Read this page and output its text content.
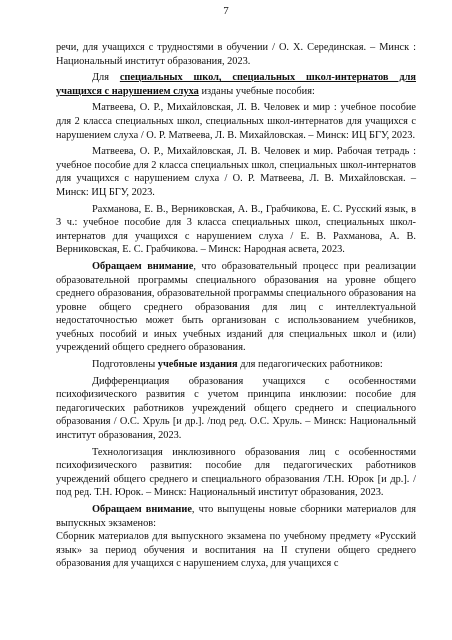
7

речи, для учащихся с трудностями в обучении / О. Х. Серединская. – Минск : Национальный институт образования, 2023.

Для специальных школ, специальных школ-интернатов для учащихся с нарушением слуха изданы учебные пособия:

Матвеева, О. Р., Михайловская, Л. В. Человек и мир : учебное пособие для 2 класса специальных школ, специальных школ-интернатов для учащихся с нарушением слуха / О. Р. Матвеева, Л. В. Михайловская. – Минск: ИЦ БГУ, 2023.

Матвеева, О. Р., Михайловская, Л. В. Человек и мир. Рабочая тетрадь : учебное пособие для 2 класса специальных школ, специальных школ-интернатов для учащихся с нарушением слуха / О. Р. Матвеева, Л. В. Михайловская. – Минск: ИЦ БГУ, 2023.

Рахманова, Е. В., Верниковская, А. В., Грабчикова, Е. С. Русский язык, в 3 ч.: учебное пособие для 3 класса специальных школ, специальных школ-интернатов для учащихся с нарушением слуха / Е. В. Рахманова, А. В. Верниковская, Е. С. Грабчикова. – Минск: Народная асвета, 2023.

Обращаем внимание, что образовательный процесс при реализации образовательной программы специального образования на уровне общего среднего образования, образовательной программы специального образования на уровне общего среднего образования для лиц с интеллектуальной недостаточностью может быть организован с использованием учебников, учебных пособий и иных учебных изданий для специальных школ и (или) учреждений общего среднего образования.

Подготовлены учебные издания для педагогических работников:

Дифференциация образования учащихся с особенностями психофизического развития с учетом принципа инклюзии: пособие для педагогических работников учреждений общего среднего и специального образования / О.С. Хруль [и др.]. /под ред. О.С. Хруль. – Минск: Национальный институт образования, 2023.

Технологизация инклюзивного образования лиц с особенностями психофизического развития: пособие для педагогических работников учреждений общего среднего и специального образования /Т.Н. Юрок [и др.]. /под ред. Т.Н. Юрок. – Минск: Национальный институт образования, 2023.

Обращаем внимание, что выпущены новые сборники материалов для выпускных экзаменов:

Сборник материалов для выпускного экзамена по учебному предмету «Русский язык» за период обучения и воспитания на II ступени общего среднего образования для учащихся с нарушением слуха, для учащихся с
